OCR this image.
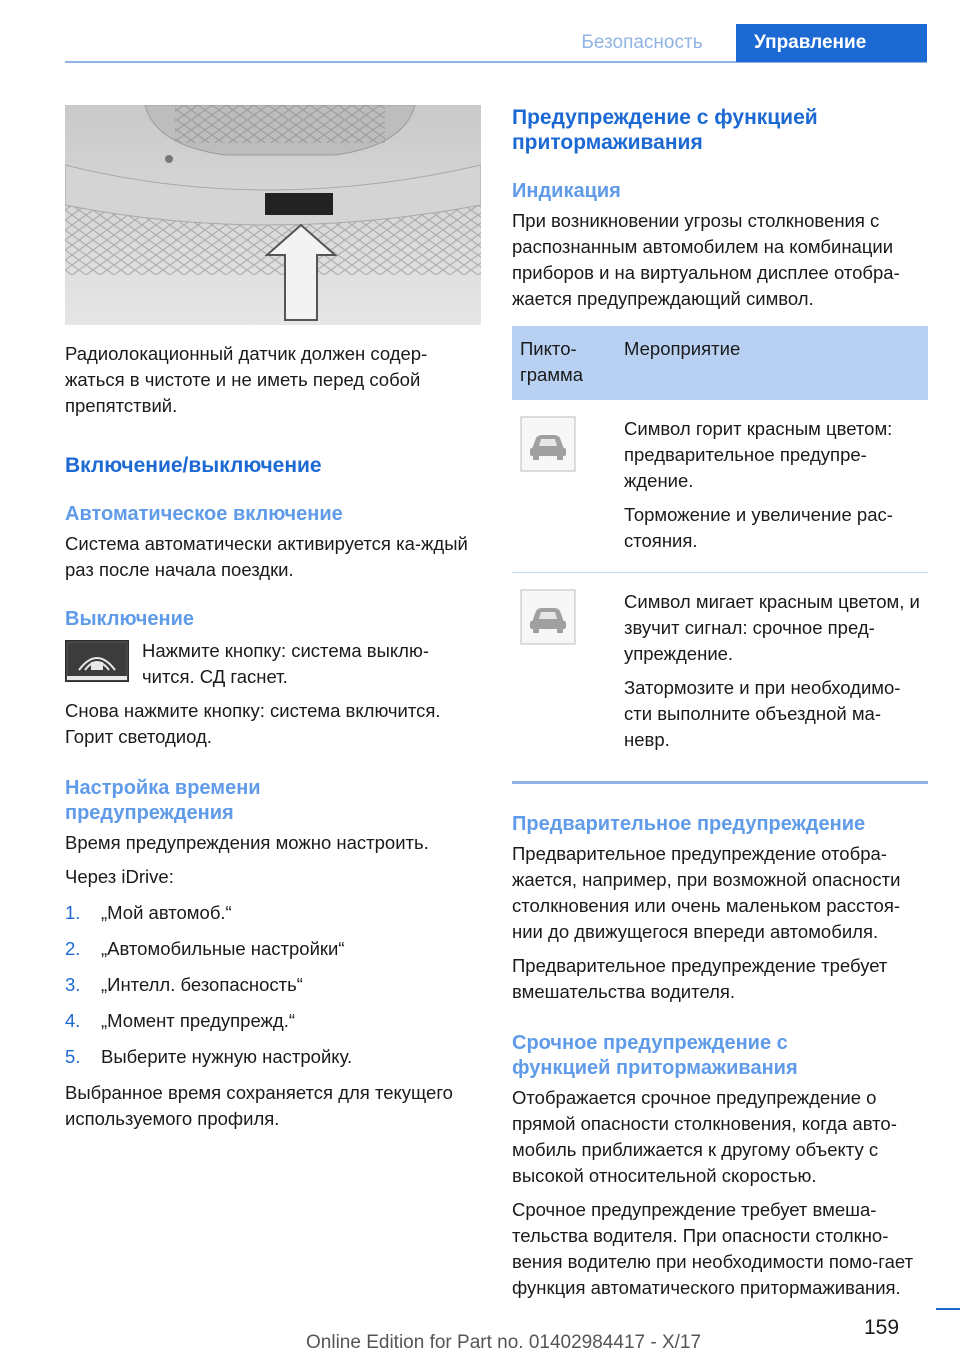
Безопасность	Управление

Радиолокационный датчик должен содер-жаться в чистоте и не иметь перед собой препятствий.

Включение/выключение
Автоматическое включение

Система автоматически активируется ка-ждый раз после начала поездки.

Выключение

Нажмите кнопку: система выклю-чится. СД гаснет.

Снова нажмите кнопку: система включится. Горит светодиод.

Настройка времени предупреждения

Время предупреждения можно настроить.

Через iDrive:

1.	„Мой автомоб.“
2.	„Автомобильные настройки“
3.	„Интелл. безопасность“
4.	„Момент предупрежд.“
5.	Выберите нужную настройку.

Выбранное время сохраняется для текущего используемого профиля.

Предупреждение с функцией притормаживания
Индикация

При возникновении угрозы столкновения с распознанным автомобилем на комбинации приборов и на виртуальном дисплее отобра-жается предупреждающий символ.

Пикто-грамма	Мероприятие

Символ горит красным цветом: предварительное предупре-ждение.

Торможение и увеличение рас-стояния.

Символ мигает красным цветом, и звучит сигнал: срочное пред-упреждение.

Затормозите и при необходимо-сти выполните объездной ма-невр.

Предварительное предупреждение

Предварительное предупреждение отобра-жается, например, при возможной опасности столкновения или очень маленьком расстоя-нии до движущегося впереди автомобиля.

Предварительное предупреждение требует вмешательства водителя.

Срочное предупреждение с функцией притормаживания

Отображается срочное предупреждение о прямой опасности столкновения, когда авто-мобиль приближается к другому объекту с высокой относительной скоростью.

Срочное предупреждение требует вмеша-тельства водителя. При опасности столкно-вения водителю при необходимости помо-гает функция автоматического притормаживания.

159
Online Edition for Part no. 01402984417 - X/17
